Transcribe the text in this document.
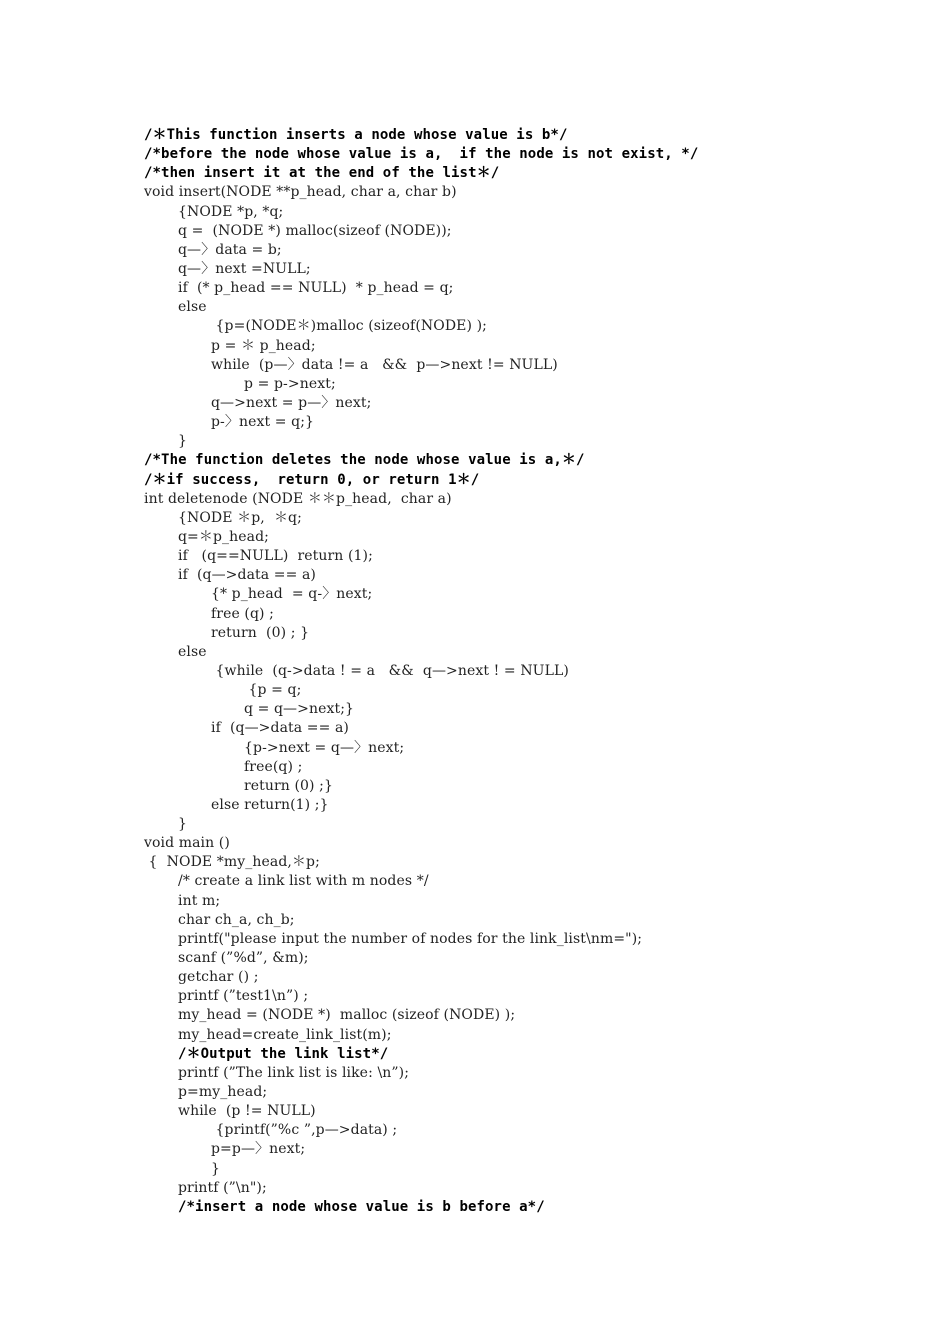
/＊This function inserts a node whose value is b*/
/*before the node whose value is a,  if the node is not exist, */
/*then insert it at the end of the list＊/
void insert(NODE **p_head, char a, char b)
{NODE *p, *q;
q =  (NODE *) malloc(sizeof (NODE));
q—〉data = b;
q—〉next =NULL;
if  (* p_head == NULL)  * p_head = q;
else
{p=(NODE＊)malloc (sizeof(NODE) );
p = ＊ p_head;
while  (p—〉data != a   &&  p—>next != NULL)
p = p->next;
q—>next = p—〉next;
p-〉next = q;}
}
/*The function deletes the node whose value is a,＊/
/＊if success,  return 0, or return 1＊/
int deletenode (NODE ＊＊p_head,  char a)
{NODE ＊p,  ＊q;
q=＊p_head;
if   (q==NULL)  return (1);
if  (q—>data == a)
{* p_head  = q-〉next;
free (q) ;
return  (0) ; }
else
{while  (q->data ! = a   &&  q—>next ! = NULL)
{p = q;
q = q—>next;}
if  (q—>data == a)
{p->next = q—〉next;
free(q) ;
return (0) ;}
else return(1) ;}
}
void main ()
{  NODE *my_head,＊p;
/* create a link list with m nodes */
int m;
char ch_a, ch_b;
printf("please input the number of nodes for the link_list\nm=");
scanf (”%d”, &m);
getchar () ;
printf (”test1\n”) ;
my_head = (NODE *)  malloc (sizeof (NODE) );
my_head=create_link_list(m);
/＊Output the link list*/
printf (”The link list is like: \n”);
p=my_head;
while  (p != NULL)
{printf(”%c ”,p—>data) ;
p=p—〉next;
}
printf (”\n");
/*insert a node whose value is b before a*/
